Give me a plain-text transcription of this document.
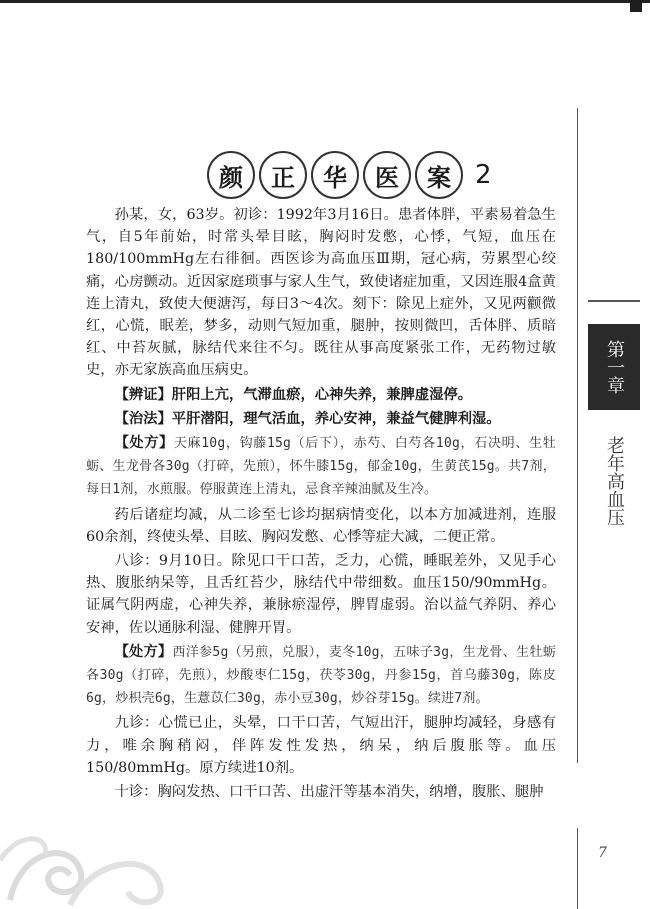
颜	正	华	医	案 2

孙某，女，63岁。初诊：1992年3月16日。患者体胖，平素易着急生气，自5年前始，时常头晕目眩，胸闷时发憋，心悸，气短，血压在180/100mmHg左右徘徊。西医诊为高血压Ⅲ期，冠心病，劳累型心绞痛，心房颤动。近因家庭琐事与家人生气，致使诸症加重，又因连服4盒黄连上清丸，致使大便溏泻，每日3～4次。刻下：除见上症外，又见两颧微红，心慌，眠差，梦多，动则气短加重，腿肿，按则微凹，舌体胖、质暗红、中苔灰腻，脉结代来往不匀。既往从事高度紧张工作，无药物过敏史，亦无家族高血压病史。

【辨证】肝阳上亢，气滞血瘀，心神失养，兼脾虚湿停。

【治法】平肝潜阳，理气活血，养心安神，兼益气健脾利湿。

【处方】天麻10g，钩藤15g（后下），赤芍、白芍各10g，石决明、生牡蛎、生龙骨各30g（打碎，先煎），怀牛膝15g，郁金10g，生黄芪15g。共7剂，每日1剂，水煎服。停服黄连上清丸，忌食辛辣油腻及生冷。

药后诸症均减，从二诊至七诊均据病情变化，以本方加减进剂，连服60余剂，终使头晕、目眩、胸闷发憋、心悸等症大减，二便正常。

八诊：9月10日。除见口干口苦，乏力，心慌，睡眠差外，又见手心热、腹胀纳呆等，且舌红苔少，脉结代中带细数。血压150/90mmHg。证属气阴两虚，心神失养，兼脉瘀湿停，脾胃虚弱。治以益气养阴、养心安神，佐以通脉利湿、健脾开胃。

【处方】西洋参5g（另煎，兑服），麦冬10g，五味子3g，生龙骨、生牡蛎各30g（打碎，先煎），炒酸枣仁15g，茯苓30g，丹参15g，首乌藤30g，陈皮6g，炒枳壳6g，生薏苡仁30g，赤小豆30g，炒谷芽15g。续进7剂。

九诊：心慌已止，头晕，口干口苦，气短出汗，腿肿均减轻，身感有力，唯余胸稍闷，伴阵发性发热，纳呆，纳后腹胀等。血压150/80mmHg。原方续进10剂。

十诊：胸闷发热、口干口苦、出虚汗等基本消失，纳增，腹胀、腿肿

第一章
老年高血压
7
